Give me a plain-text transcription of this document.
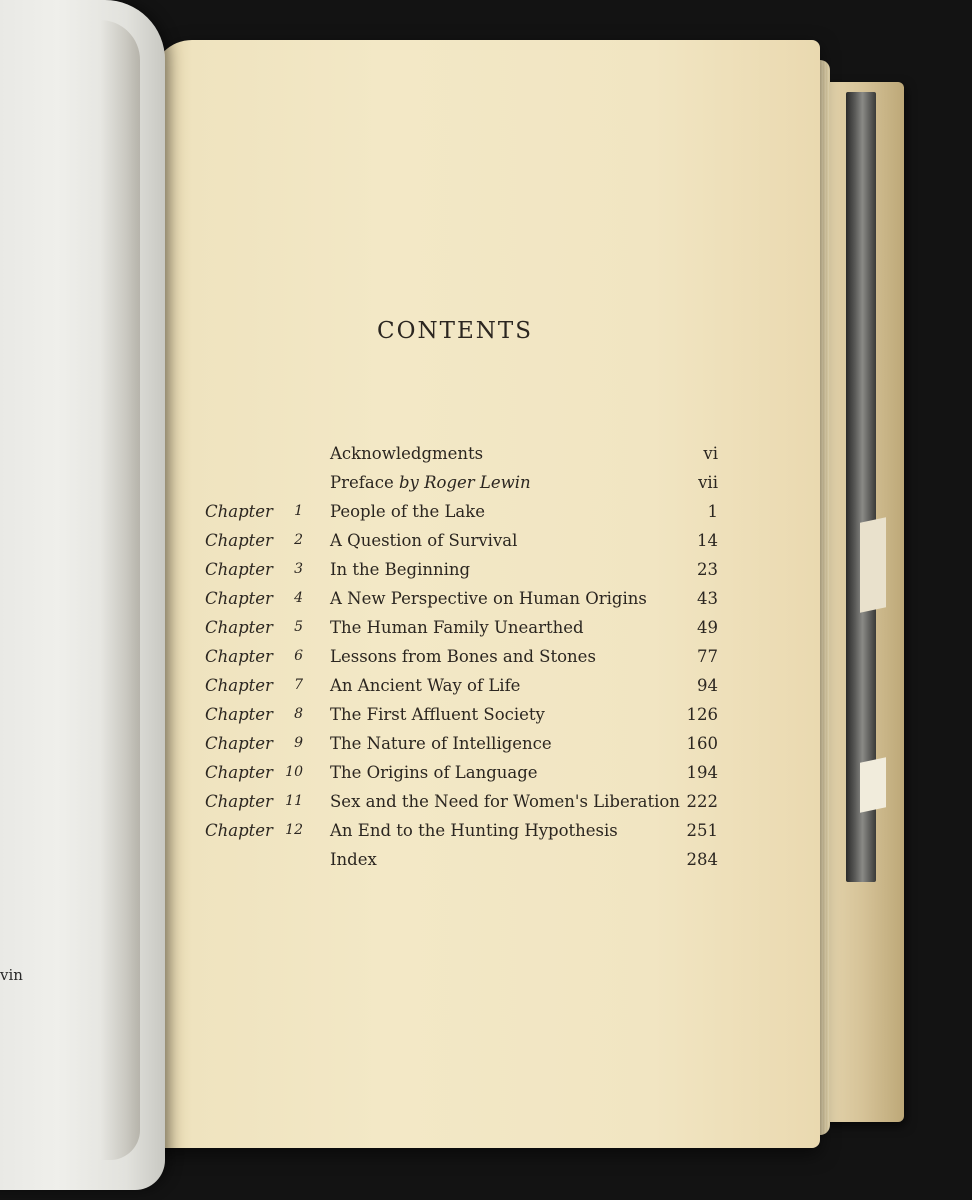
vin
CONTENTS
Acknowledgments	vi
Preface by Roger Lewin	vii
Chapter 1 People of the Lake	1
Chapter 2 A Question of Survival	14
Chapter 3 In the Beginning	23
Chapter 4 A New Perspective on Human Origins	43
Chapter 5 The Human Family Unearthed	49
Chapter 6 Lessons from Bones and Stones	77
Chapter 7 An Ancient Way of Life	94
Chapter 8 The First Affluent Society	126
Chapter 9 The Nature of Intelligence	160
Chapter 10 The Origins of Language	194
Chapter 11 Sex and the Need for Women's Liberation 222
Chapter 12 An End to the Hunting Hypothesis	251
Index	284
